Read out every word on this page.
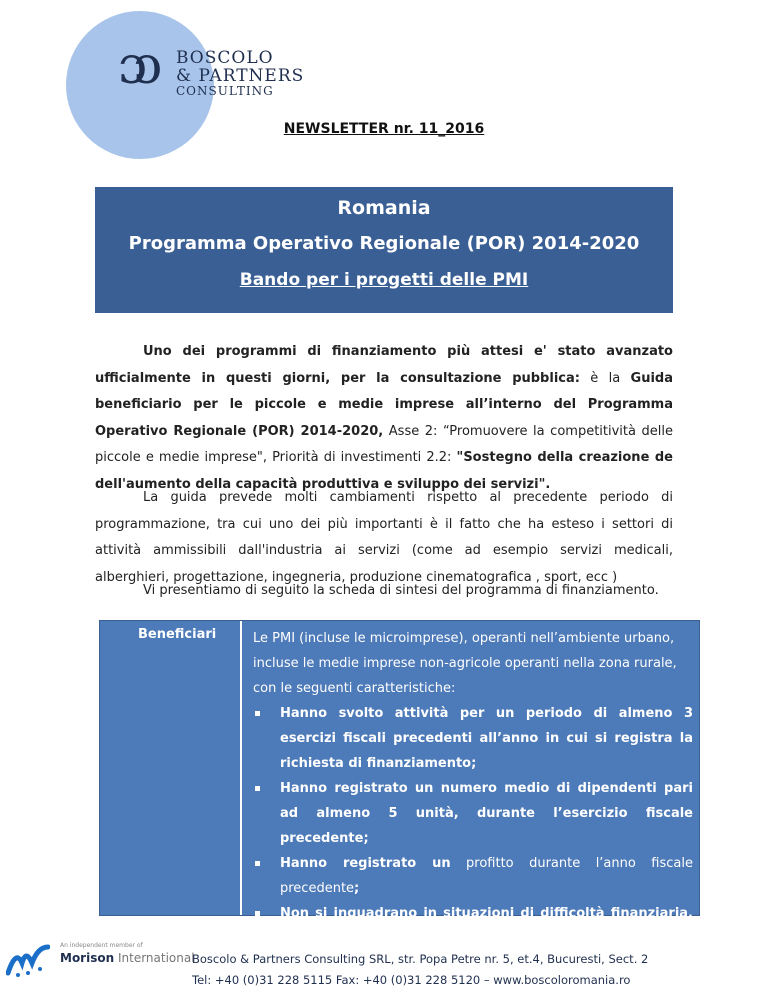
ɔɔ BOSCOLO
& PARTNERS
CONSULTING
NEWSLETTER nr. 11_2016
Romania
Programma Operativo Regionale (POR) 2014-2020
Bando per i progetti delle PMI
Uno dei programmi di finanziamento più attesi e' stato avanzato ufficialmente in questi giorni, per la consultazione pubblica: è la Guida beneficiario per le piccole e medie imprese all’interno del Programma Operativo Regionale (POR) 2014-2020, Asse 2: “Promuovere la competitività delle piccole e medie imprese", Priorità di investimenti 2.2: "Sostegno della creazione de dell'aumento della capacità produttiva e sviluppo dei servizi".
La guida prevede molti cambiamenti rispetto al precedente periodo di programmazione, tra cui uno dei più importanti è il fatto che ha esteso i settori di attività ammissibili dall'industria ai servizi (come ad esempio servizi medicali, alberghieri, progettazione, ingegneria, produzione cinematografica , sport, ecc )
Vi presentiamo di seguito la scheda di sintesi del programma di finanziamento.
Beneficiari	Le PMI (incluse le microimprese), operanti nell’ambiente urbano, incluse le medie imprese non-agricole operanti nella zona rurale, con le seguenti caratteristiche:
Hanno svolto attività per un periodo di almeno 3 esercizi fiscali precedenti all’anno in cui si registra la richiesta di finanziamento;
Hanno registrato un numero medio di dipendenti pari ad almeno 5 unità, durante l’esercizio fiscale precedente;
Hanno registrato un profitto durante l’anno fiscale precedente;
Non si inquadrano in situazioni di difficoltà finanziaria, liquidazioni, concordati, etc.
An independent member of
Morison International
Boscolo & Partners Consulting SRL, str. Popa Petre nr. 5, et.4, Bucuresti, Sect. 2
Tel: +40 (0)31 228 5115 Fax: +40 (0)31 228 5120 – www.boscoloromania.ro
